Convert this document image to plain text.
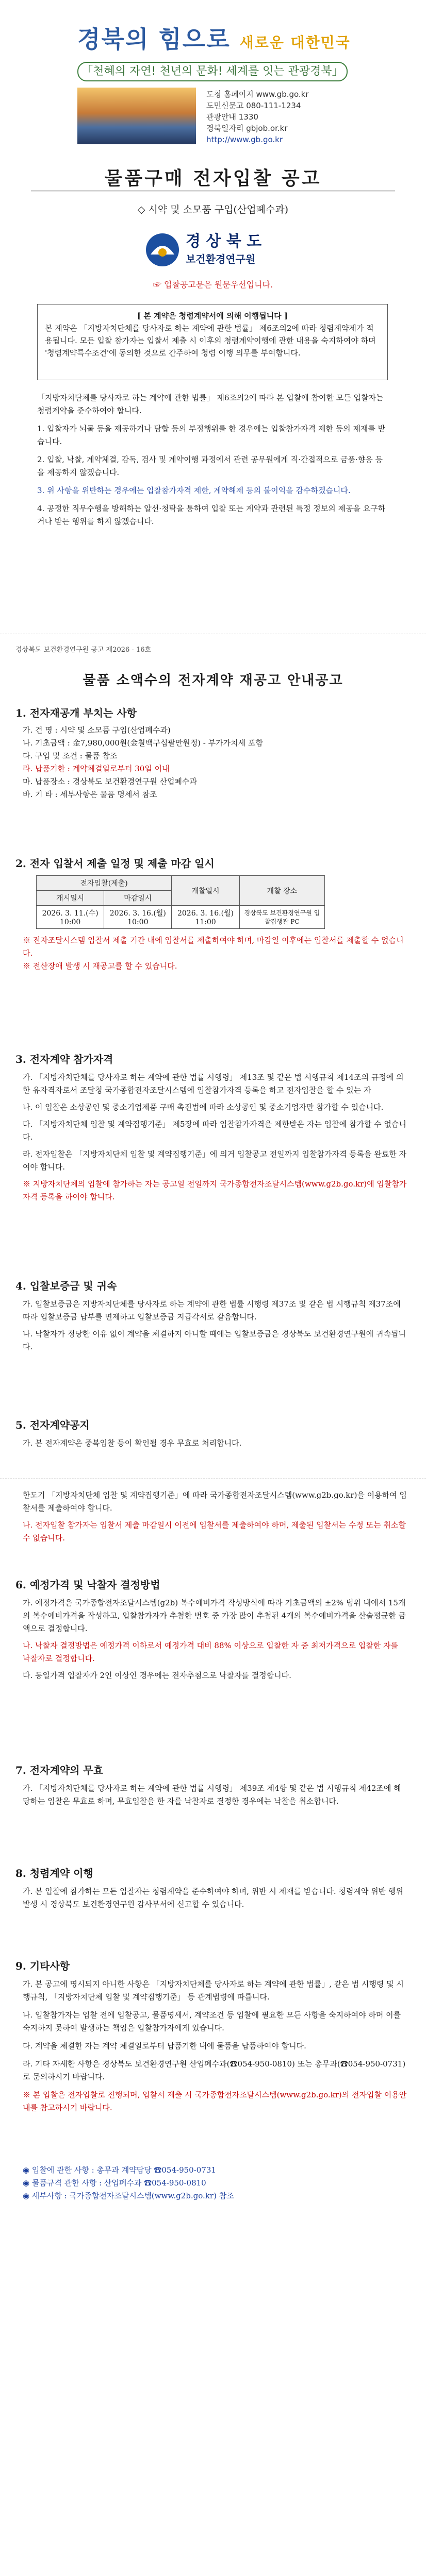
경북의 힘으로 새로운 대한민국
「천혜의 자연! 천년의 문화! 세계를 잇는 관광경북」
도청 홈페이지 www.gb.go.kr
도민신문고 080-111-1234
관광안내 1330
경북일자리 gbjob.or.kr
http://www.gb.go.kr
물품구매 전자입찰 공고
◇ 시약 및 소모품 구입(산업폐수과)
경 상 북 도
보건환경연구원
☞ 입찰공고문은 원문우선입니다.
[ 본 계약은 청렴계약서에 의해 이행됩니다 ]
본 계약은 「지방자치단체를 당사자로 하는 계약에 관한 법률」 제6조의2에 따라 청렴계약제가 적용됩니다. 모든 입찰 참가자는 입찰서 제출 시 이후의 청렴계약이행에 관한 내용을 숙지하여야 하며 '청렴계약특수조건'에 동의한 것으로 간주하여 청렴 이행 의무를 부여합니다.

「지방자치단체를 당사자로 하는 계약에 관한 법률」 제6조의2에 따라 본 입찰에 참여한 모든 입찰자는 청렴계약을 준수하여야 합니다.

1. 입찰자가 뇌물 등을 제공하거나 담합 등의 부정행위를 한 경우에는 입찰참가자격 제한 등의 제재를 받습니다.

2. 입찰, 낙찰, 계약체결, 감독, 검사 및 계약이행 과정에서 관련 공무원에게 직·간접적으로 금품·향응 등을 제공하지 않겠습니다.

3. 위 사항을 위반하는 경우에는 입찰참가자격 제한, 계약해제 등의 불이익을 감수하겠습니다.

4. 공정한 직무수행을 방해하는 알선·청탁을 통하여 입찰 또는 계약과 관련된 특정 정보의 제공을 요구하거나 받는 행위를 하지 않겠습니다.

경상북도 보건환경연구원 공고 제2026 - 16호
물품 소액수의 전자계약 재공고 안내공고
1. 전자재공개 부치는 사항
가. 건 명 : 시약 및 소모품 구입(산업폐수과)
나. 기초금액 : 金7,980,000원(金칠백구십팔만원정) - 부가가치세 포함
다. 구입 및 조건 : 물품 참조
라. 납품기한 : 계약체결일로부터 30일 이내
마. 납품장소 : 경상북도 보건환경연구원 산업폐수과
바. 기 타 : 세부사항은 물품 명세서 참조
2. 전자 입찰서 제출 일정 및 제출 마감 일시
전자입찰(제출)		개찰일시	개찰 장소
개시일시	마감일시		
2026. 3. 11.(수) 10:00	2026. 3. 16.(월) 10:00	2026. 3. 16.(월) 11:00	경상북도 보건환경연구원 입찰집행관 PC
※ 전자조달시스템 입찰서 제출 기간 내에 입찰서를 제출하여야 하며, 마감일 이후에는 입찰서를 제출할 수 없습니다.
※ 전산장애 발생 시 재공고를 할 수 있습니다.
3. 전자계약 참가자격

가. 「지방자치단체를 당사자로 하는 계약에 관한 법률 시행령」 제13조 및 같은 법 시행규칙 제14조의 규정에 의한 유자격자로서 조달청 국가종합전자조달시스템에 입찰참가자격 등록을 하고 전자입찰을 할 수 있는 자

나. 이 입찰은 소상공인 및 중소기업제품 구매 촉진법에 따라 소상공인 및 중소기업자만 참가할 수 있습니다.

다. 「지방자치단체 입찰 및 계약집행기준」 제5장에 따라 입찰참가자격을 제한받은 자는 입찰에 참가할 수 없습니다.

라. 전자입찰은 「지방자치단체 입찰 및 계약집행기준」에 의거 입찰공고 전일까지 입찰참가자격 등록을 완료한 자여야 합니다.

※ 지방자치단체의 입찰에 참가하는 자는 공고일 전일까지 국가종합전자조달시스템(www.g2b.go.kr)에 입찰참가자격 등록을 하여야 합니다.

4. 입찰보증금 및 귀속

가. 입찰보증금은 지방자치단체를 당사자로 하는 계약에 관한 법률 시행령 제37조 및 같은 법 시행규칙 제37조에 따라 입찰보증금 납부를 면제하고 입찰보증금 지급각서로 갈음합니다.

나. 낙찰자가 정당한 이유 없이 계약을 체결하지 아니할 때에는 입찰보증금은 경상북도 보건환경연구원에 귀속됩니다.

5. 전자계약공지
가. 본 전자계약은 중복입찰 등이 확인될 경우 무효로 처리합니다.

한도기 「지방자치단체 입찰 및 계약집행기준」에 따라 국가종합전자조달시스템(www.g2b.go.kr)을 이용하여 입찰서를 제출하여야 합니다.

나. 전자입찰 참가자는 입찰서 제출 마감일시 이전에 입찰서를 제출하여야 하며, 제출된 입찰서는 수정 또는 취소할 수 없습니다.

6. 예정가격 및 낙찰자 결정방법

가. 예정가격은 국가종합전자조달시스템(g2b) 복수예비가격 작성방식에 따라 기초금액의 ±2% 범위 내에서 15개의 복수예비가격을 작성하고, 입찰참가자가 추첨한 번호 중 가장 많이 추첨된 4개의 복수예비가격을 산술평균한 금액으로 결정합니다.

나. 낙찰자 결정방법은 예정가격 이하로서 예정가격 대비 88% 이상으로 입찰한 자 중 최저가격으로 입찰한 자를 낙찰자로 결정합니다.

다. 동일가격 입찰자가 2인 이상인 경우에는 전자추첨으로 낙찰자를 결정합니다.

7. 전자계약의 무효
가. 「지방자치단체를 당사자로 하는 계약에 관한 법률 시행령」 제39조 제4항 및 같은 법 시행규칙 제42조에 해당하는 입찰은 무효로 하며, 무효입찰을 한 자를 낙찰자로 결정한 경우에는 낙찰을 취소합니다.
8. 청렴계약 이행
가. 본 입찰에 참가하는 모든 입찰자는 청렴계약을 준수하여야 하며, 위반 시 제재를 받습니다. 청렴계약 위반 행위 발생 시 경상북도 보건환경연구원 감사부서에 신고할 수 있습니다.
9. 기타사항

가. 본 공고에 명시되지 아니한 사항은 「지방자치단체를 당사자로 하는 계약에 관한 법률」, 같은 법 시행령 및 시행규칙, 「지방자치단체 입찰 및 계약집행기준」 등 관계법령에 따릅니다.

나. 입찰참가자는 입찰 전에 입찰공고, 물품명세서, 계약조건 등 입찰에 필요한 모든 사항을 숙지하여야 하며 이를 숙지하지 못하여 발생하는 책임은 입찰참가자에게 있습니다.

다. 계약을 체결한 자는 계약 체결일로부터 납품기한 내에 물품을 납품하여야 합니다.

라. 기타 자세한 사항은 경상북도 보건환경연구원 산업폐수과(☎054-950-0810) 또는 총무과(☎054-950-0731)로 문의하시기 바랍니다.

※ 본 입찰은 전자입찰로 진행되며, 입찰서 제출 시 국가종합전자조달시스템(www.g2b.go.kr)의 전자입찰 이용안내를 참고하시기 바랍니다.

◉ 입찰에 관한 사항 : 총무과 계약담당 ☎054-950-0731
◉ 물품규격 관한 사항 : 산업폐수과 ☎054-950-0810
◉ 세부사항 : 국가종합전자조달시스템(www.g2b.go.kr) 참조
